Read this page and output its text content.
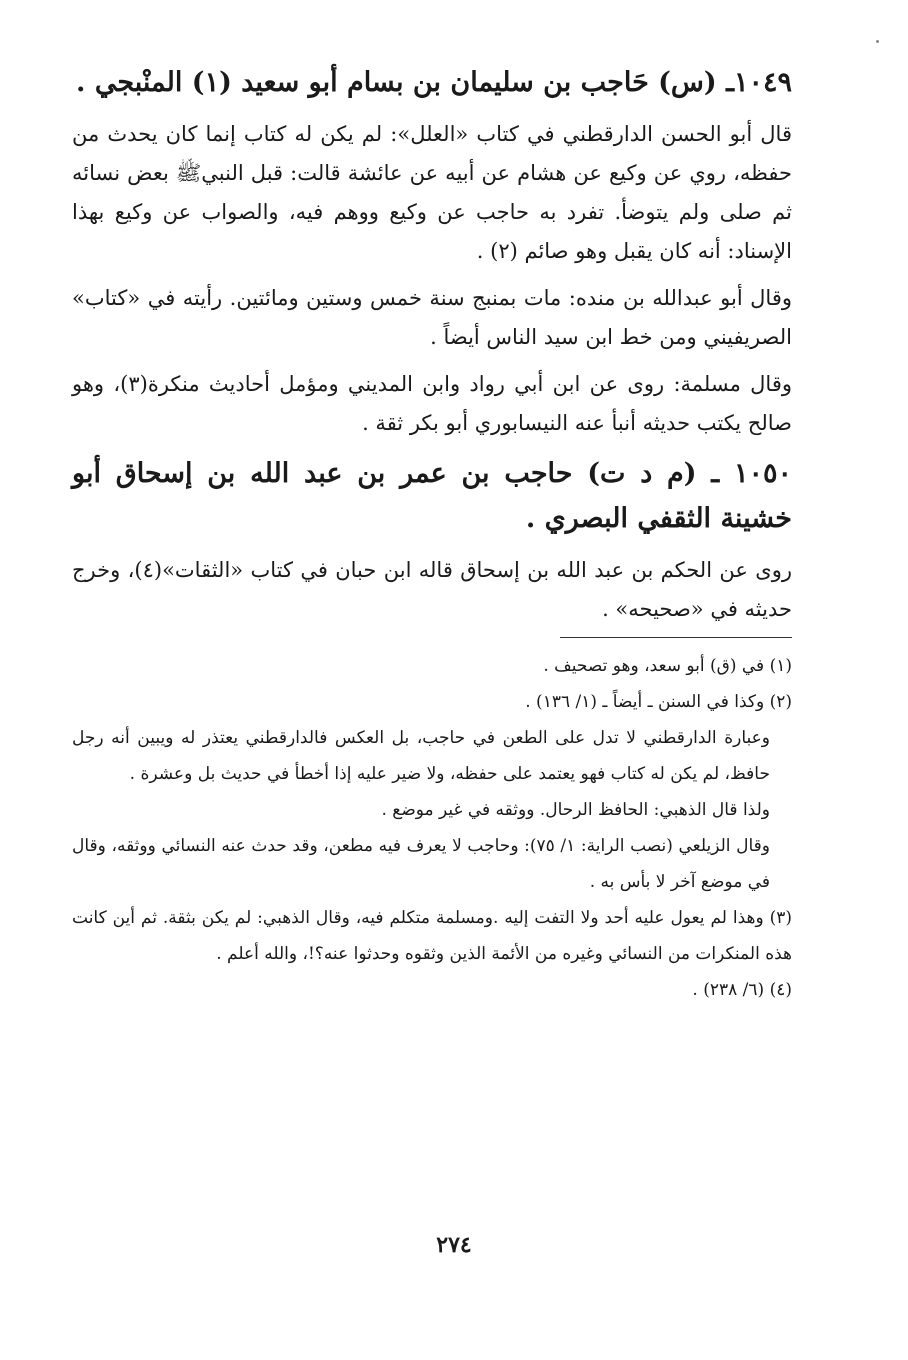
١٠٤٩ـ (س) حَاجب بن سليمان بن بسام أبو سعيد (١) المنْبجي .

قال أبو الحسن الدارقطني في كتاب «العلل»: لم يكن له كتاب إنما كان يحدث من حفظه، روي عن وكيع عن هشام عن أبيه عن عائشة قالت: قبل النبيﷺ بعض نسائه ثم صلى ولم يتوضأ. تفرد به حاجب عن وكيع ووهم فيه، والصواب عن وكيع بهذا الإسناد: أنه كان يقبل وهو صائم (٢) .

وقال أبو عبدالله بن منده: مات بمنبج سنة خمس وستين ومائتين. رأيته في «كتاب» الصريفيني ومن خط ابن سيد الناس أيضاً .

وقال مسلمة: روى عن ابن أبي رواد وابن المديني ومؤمل أحاديث منكرة(٣)، وهو صالح يكتب حديثه أنبأ عنه النيسابوري أبو بكر ثقة .

١٠٥٠ ـ (م د ت) حاجب بن عمر بن عبد الله بن إسحاق أبو خشينة الثقفي البصري .

روى عن الحكم بن عبد الله بن إسحاق قاله ابن حبان في كتاب «الثقات»(٤)، وخرج حديثه في «صحيحه» .

(١) في (ق) أبو سعد، وهو تصحيف .

(٢) وكذا في السنن ـ أيضاً ـ (١/ ١٣٦) .

وعبارة الدارقطني لا تدل على الطعن في حاجب، بل العكس فالدارقطني يعتذر له ويبين أنه رجل حافظ، لم يكن له كتاب فهو يعتمد على حفظه، ولا ضير عليه إذا أخطأ في حديث بل وعشرة .

ولذا قال الذهبي: الحافظ الرحال. ووثقه في غير موضع .

وقال الزيلعي (نصب الراية: ١/ ٧٥): وحاجب لا يعرف فيه مطعن، وقد حدث عنه النسائي ووثقه، وقال في موضع آخر لا بأس به .

(٣) وهذا لم يعول عليه أحد ولا التفت إليه .ومسلمة متكلم فيه، وقال الذهبي: لم يكن بثقة. ثم أين كانت هذه المنكرات من النسائي وغيره من الأئمة الذين وثقوه وحدثوا عنه؟!، والله أعلم .

(٤) (٦/ ٢٣٨) .

٢٧٤
